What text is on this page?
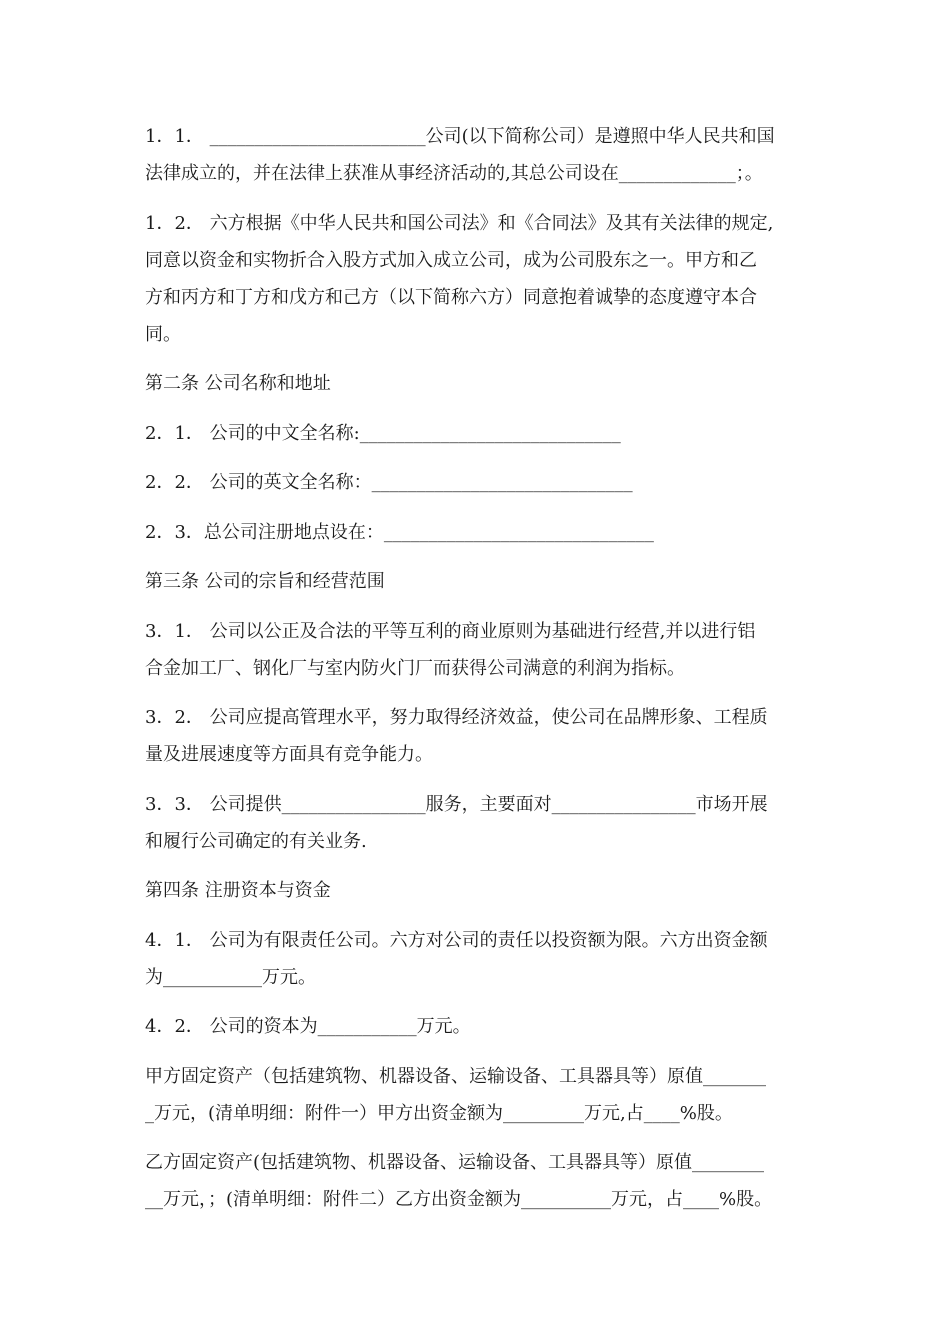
1．1． ________________________公司(以下简称公司）是遵照中华人民共和国
法律成立的，并在法律上获准从事经济活动的,其总公司设在_____________；。

1．2． 六方根据《中华人民共和国公司法》和《合同法》及其有关法律的规定,
同意以资金和实物折合入股方式加入成立公司，成为公司股东之一。甲方和乙
方和丙方和丁方和戊方和己方（以下简称六方）同意抱着诚挚的态度遵守本合
同。

第二条 公司名称和地址

2．1． 公司的中文全名称:_____________________________

2．2． 公司的英文全名称：_____________________________

2．3．总公司注册地点设在：______________________________

第三条 公司的宗旨和经营范围

3．1． 公司以公正及合法的平等互利的商业原则为基础进行经营,并以进行铝
合金加工厂、钢化厂与室内防火门厂而获得公司满意的利润为指标。

3．2． 公司应提高管理水平，努力取得经济效益，使公司在品牌形象、工程质
量及进展速度等方面具有竞争能力。

3．3． 公司提供________________服务，主要面对________________市场开展
和履行公司确定的有关业务.

第四条 注册资本与资金

4．1． 公司为有限责任公司。六方对公司的责任以投资额为限。六方出资金额
为___________万元。

4．2． 公司的资本为___________万元。

甲方固定资产（包括建筑物、机器设备、运输设备、工具器具等）原值_______
_万元，(清单明细：附件一）甲方出资金额为_________万元,占____%股。

乙方固定资产(包括建筑物、机器设备、运输设备、工具器具等）原值________
__万元，；(清单明细：附件二）乙方出资金额为__________万元，占____%股。
